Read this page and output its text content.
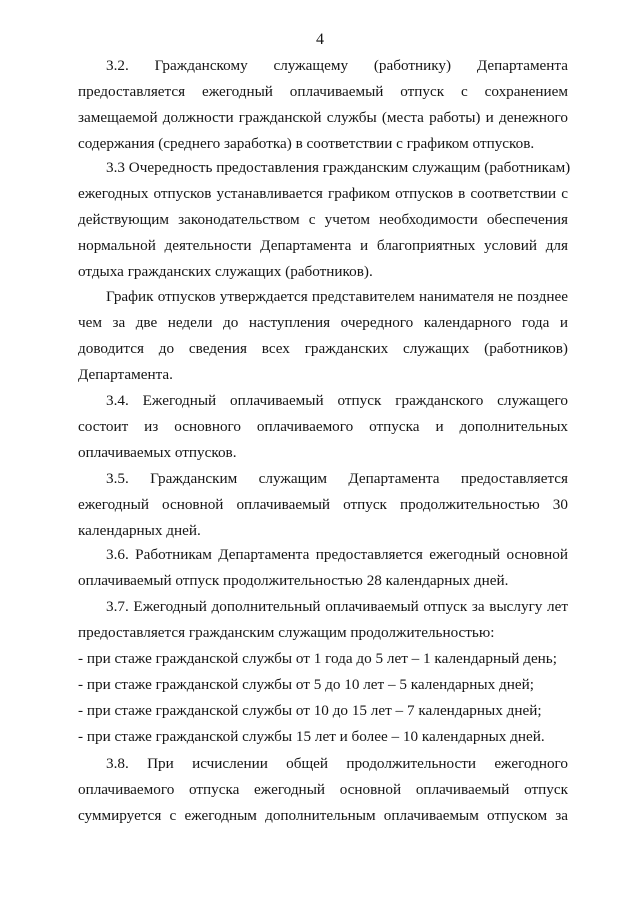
4
3.2. Гражданскому служащему (работнику) Департамента
предоставляется ежегодный оплачиваемый отпуск с сохранением
замещаемой должности гражданской службы (места работы) и денежного
содержания (среднего заработка) в соответствии с графиком отпусков.
3.3 Очередность предоставления гражданским служащим (работникам)
ежегодных отпусков устанавливается графиком отпусков в соответствии с
действующим законодательством с учетом необходимости обеспечения
нормальной деятельности Департамента и благоприятных условий для
отдыха гражданских служащих (работников).
График отпусков утверждается представителем нанимателя не позднее
чем за две недели до наступления очередного календарного года и
доводится до сведения всех гражданских служащих (работников)
Департамента.
3.4. Ежегодный оплачиваемый отпуск гражданского служащего
состоит из основного оплачиваемого отпуска и дополнительных
оплачиваемых отпусков.
3.5. Гражданским служащим Департамента предоставляется
ежегодный основной оплачиваемый отпуск продолжительностью 30
календарных дней.
3.6. Работникам Департамента предоставляется ежегодный основной
оплачиваемый отпуск продолжительностью 28 календарных дней.
3.7. Ежегодный дополнительный оплачиваемый отпуск за выслугу лет
предоставляется гражданским служащим продолжительностью:
- при стаже гражданской службы от 1 года до 5 лет – 1 календарный день;
- при стаже гражданской службы от 5 до 10 лет – 5 календарных дней;
- при стаже гражданской службы от 10 до 15 лет – 7 календарных дней;
- при стаже гражданской службы 15 лет и более – 10 календарных дней.
3.8. При исчислении общей продолжительности ежегодного
оплачиваемого отпуска ежегодный основной оплачиваемый отпуск
суммируется с ежегодным дополнительным оплачиваемым отпуском за
